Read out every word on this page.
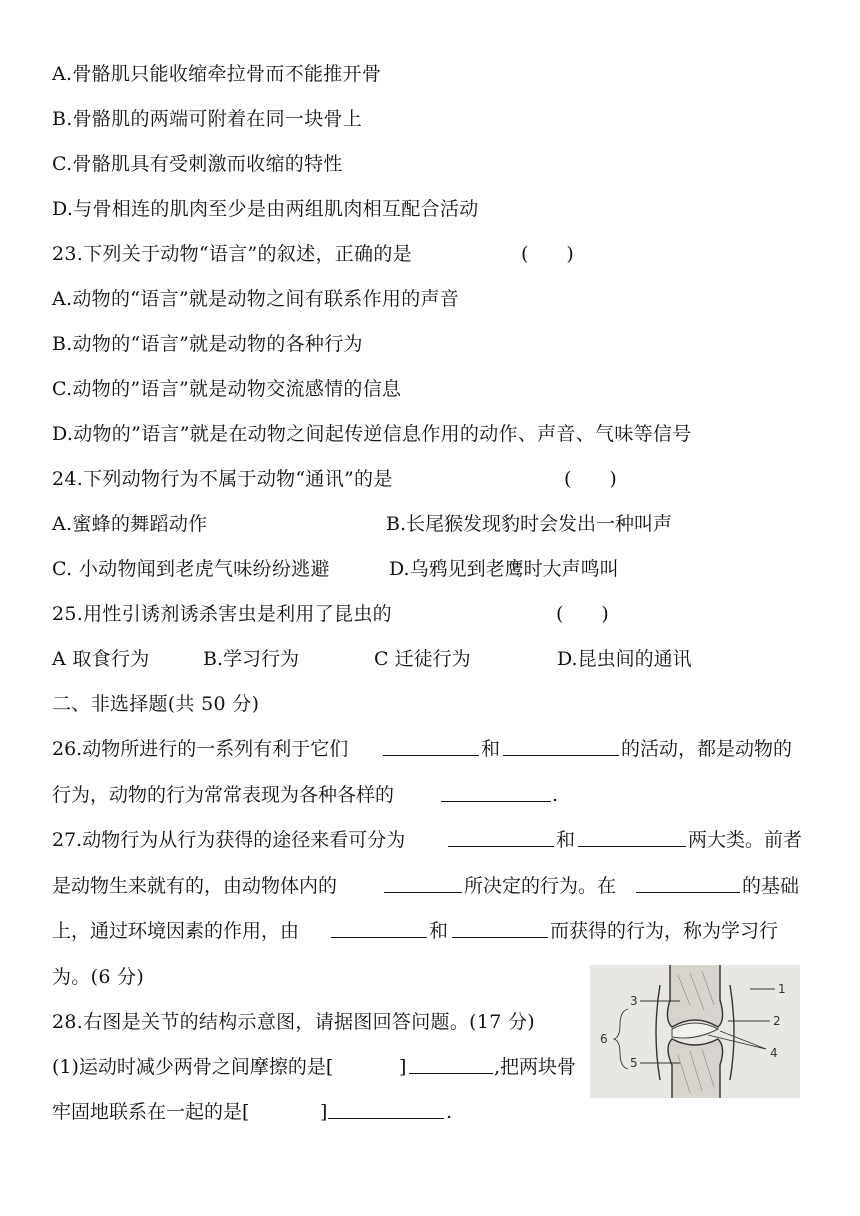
A.骨骼肌只能收缩牵拉骨而不能推开骨
B.骨骼肌的两端可附着在同一块骨上
C.骨骼肌具有受刺激而收缩的特性
D.与骨相连的肌肉至少是由两组肌肉相互配合活动
23.下列关于动物“语言”的叙述，正确的是	(　　)
A.动物的“语言”就是动物之间有联系作用的声音
B.动物的“语言”就是动物的各种行为
C.动物的”语言”就是动物交流感情的信息
D.动物的”语言”就是在动物之间起传逆信息作用的动作、声音、气味等信号
24.下列动物行为不属于动物“通讯”的是	(　　)
A.蜜蜂的舞蹈动作	B.长尾猴发现豹时会发出一种叫声
C. 小动物闻到老虎气味纷纷逃避	D.乌鸦见到老鹰时大声鸣叫
25.用性引诱剂诱杀害虫是利用了昆虫的	(　　)
A 取食行为	B.学习行为	C 迁徒行为	D.昆虫间的通讯
二、非选择题(共 50 分)
26.动物所进行的一系列有利于它们	和	的活动，都是动物的
行为，动物的行为常常表现为各种各样的	.
27.动物行为从行为获得的途径来看可分为	和	两大类。前者
是动物生来就有的，由动物体内的	所决定的行为。在	的基础
上，通过环境因素的作用，由	和	而获得的行为，称为学习行
为。(6 分)
28.右图是关节的结构示意图，请据图回答问题。(17 分)
(1)运动时减少两骨之间摩擦的是[	]	,把两块骨
牢固地联系在一起的是[	]	.
3
1
2
4
5
6
